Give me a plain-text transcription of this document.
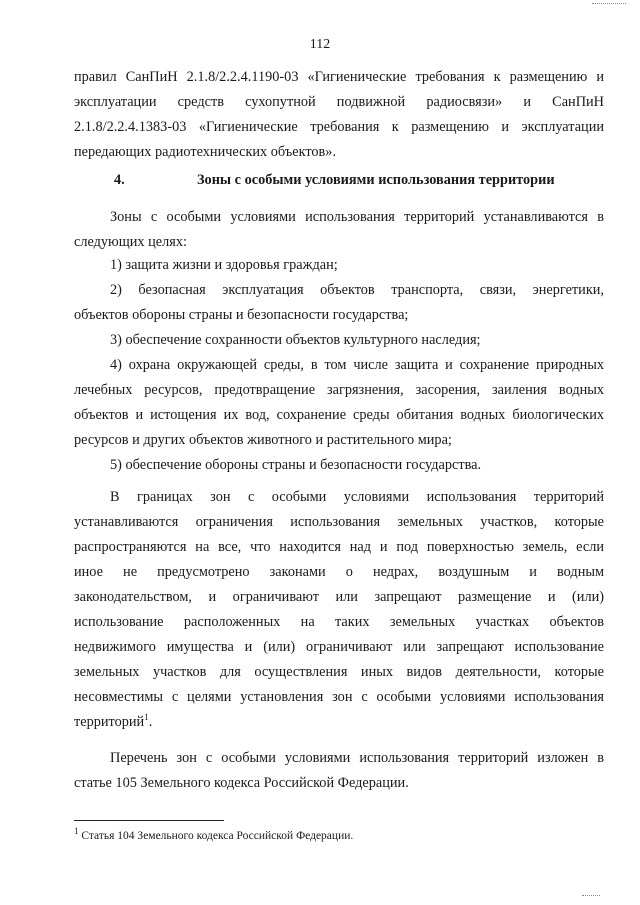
112
правил СанПиН 2.1.8/2.2.4.1190-03 «Гигиенические требования к размещению и
эксплуатации средств сухопутной подвижной радиосвязи» и СанПиН
2.1.8/2.2.4.1383-03 «Гигиенические требования к размещению и эксплуатации
передающих радиотехнических объектов».
4.	Зоны с особыми условиями использования территории
Зоны с особыми условиями использования территорий устанавливаются в
следующих целях:
1) защита жизни и здоровья граждан;
2) безопасная эксплуатация объектов транспорта, связи, энергетики,
объектов обороны страны и безопасности государства;
3) обеспечение сохранности объектов культурного наследия;
4) охрана окружающей среды, в том числе защита и сохранение природных
лечебных ресурсов, предотвращение загрязнения, засорения, заиления водных
объектов и истощения их вод, сохранение среды обитания водных биологических
ресурсов и других объектов животного и растительного мира;
5) обеспечение обороны страны и безопасности государства.
В границах зон с особыми условиями использования территорий
устанавливаются ограничения использования земельных участков, которые
распространяются на все, что находится над и под поверхностью земель, если
иное не предусмотрено законами о недрах, воздушным и водным
законодательством, и ограничивают или запрещают размещение и (или)
использование расположенных на таких земельных участках объектов
недвижимого имущества и (или) ограничивают или запрещают использование
земельных участков для осуществления иных видов деятельности, которые
несовместимы с целями установления зон с особыми условиями использования
территорий$^1$.
Перечень зон с особыми условиями использования территорий изложен в
статье 105 Земельного кодекса Российской Федерации.
$^1$ Статья 104 Земельного кодекса Российской Федерации.
